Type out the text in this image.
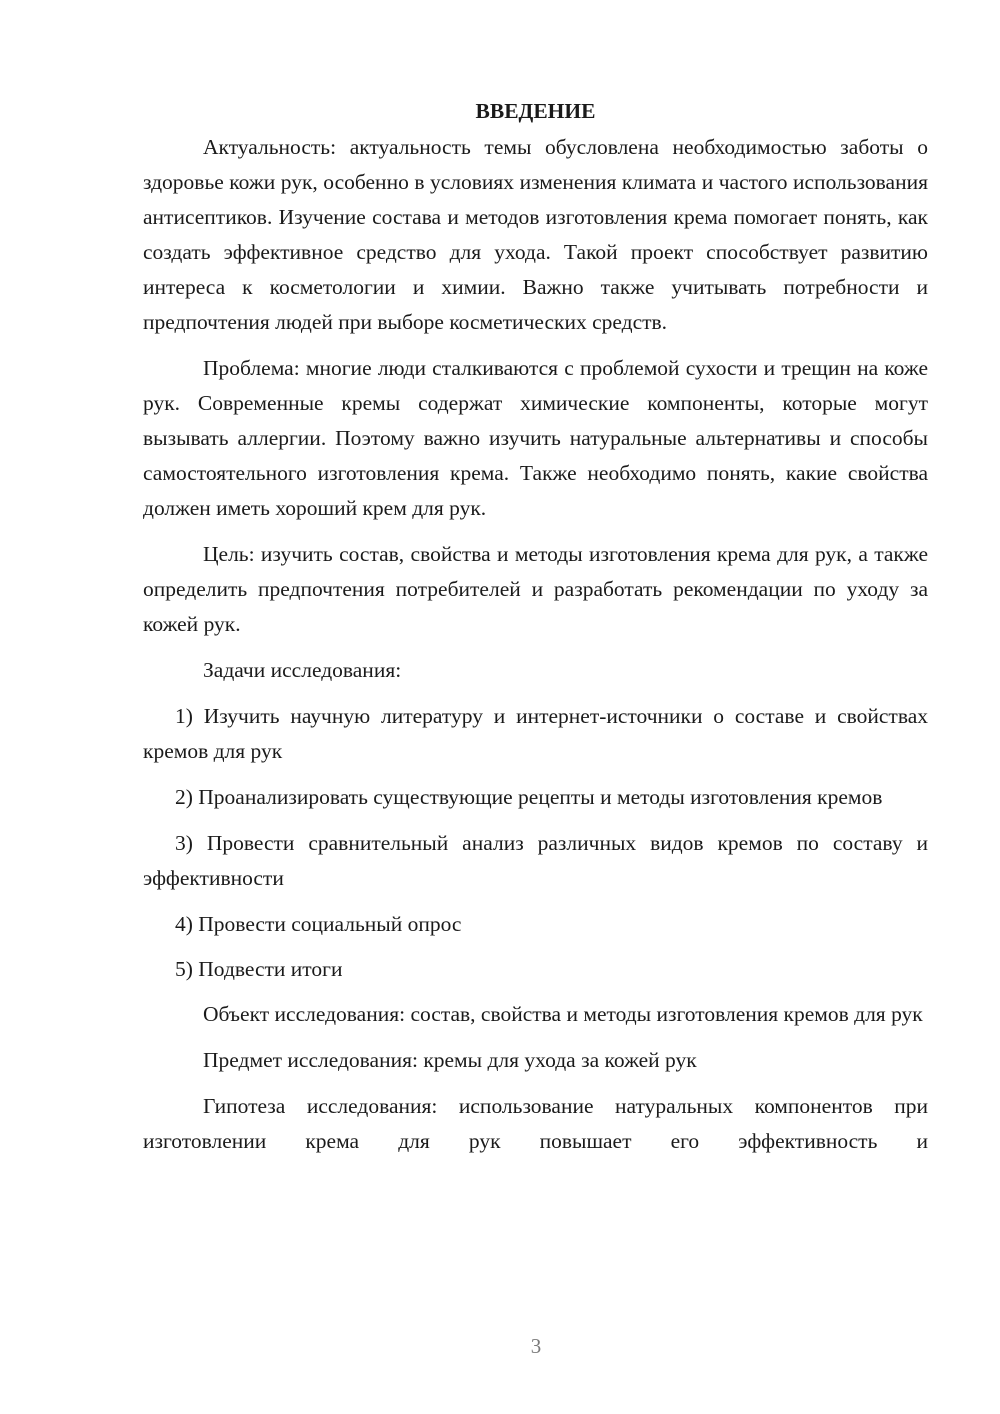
ВВЕДЕНИЕ

Актуальность: актуальность темы обусловлена необходимостью заботы о здоровье кожи рук, особенно в условиях изменения климата и частого использования антисептиков. Изучение состава и методов изготовления крема помогает понять, как создать эффективное средство для ухода. Такой проект способствует развитию интереса к косметологии и химии. Важно также учитывать потребности и предпочтения людей при выборе косметических средств.

Проблема: многие люди сталкиваются с проблемой сухости и трещин на коже рук. Современные кремы содержат химические компоненты, которые могут вызывать аллергии. Поэтому важно изучить натуральные альтернативы и способы самостоятельного изготовления крема. Также необходимо понять, какие свойства должен иметь хороший крем для рук.

Цель: изучить состав, свойства и методы изготовления крема для рук, а также определить предпочтения потребителей и разработать рекомендации по уходу за кожей рук.

Задачи исследования:

1) Изучить научную литературу и интернет-источники о составе и свойствах кремов для рук

2) Проанализировать существующие рецепты и методы изготовления кремов

3) Провести сравнительный анализ различных видов кремов по составу и эффективности

4) Провести социальный опрос

5) Подвести итоги

Объект исследования: состав, свойства и методы изготовления кремов для рук

Предмет исследования: кремы для ухода за кожей рук

Гипотеза исследования: использование натуральных компонентов при изготовлении крема для рук повышает его эффективность и

3
